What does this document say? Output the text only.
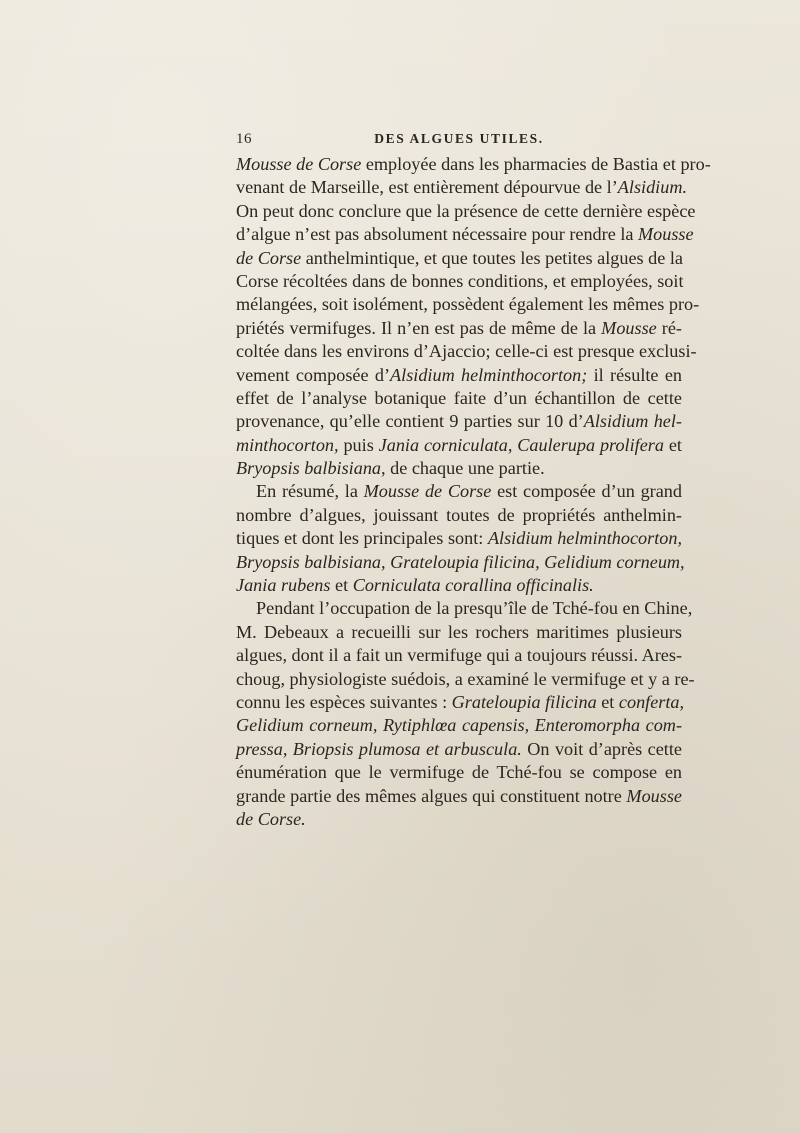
16	DES ALGUES UTILES.
Mousse de Corse employée dans les pharmacies de Bastia et pro-
venant de Marseille, est entièrement dépourvue de l’Alsidium.
On peut donc conclure que la présence de cette dernière espèce
d’algue n’est pas absolument nécessaire pour rendre la Mousse
de Corse anthelmintique, et que toutes les petites algues de la
Corse récoltées dans de bonnes conditions, et employées, soit
mélangées, soit isolément, possèdent également les mêmes pro-
priétés vermifuges. Il n’en est pas de même de la Mousse ré-
coltée dans les environs d’Ajaccio; celle-ci est presque exclusi-
vement composée d’Alsidium helminthocorton; il résulte en
effet de l’analyse botanique faite d’un échantillon de cette
provenance, qu’elle contient 9 parties sur 10 d’Alsidium hel-
minthocorton, puis Jania corniculata, Caulerupa prolifera et
Bryopsis balbisiana, de chaque une partie.
En résumé, la Mousse de Corse est composée d’un grand
nombre d’algues, jouissant toutes de propriétés anthelmin-
tiques et dont les principales sont: Alsidium helminthocorton,
Bryopsis balbisiana, Grateloupia filicina, Gelidium corneum,
Jania rubens et Corniculata corallina officinalis.
Pendant l’occupation de la presqu’île de Tché-fou en Chine,
M. Debeaux a recueilli sur les rochers maritimes plusieurs
algues, dont il a fait un vermifuge qui a toujours réussi. Ares-
choug, physiologiste suédois, a examiné le vermifuge et y a re-
connu les espèces suivantes : Grateloupia filicina et conferta,
Gelidium corneum, Rytiphlœa capensis, Enteromorpha com-
pressa, Briopsis plumosa et arbuscula. On voit d’après cette
énumération que le vermifuge de Tché-fou se compose en
grande partie des mêmes algues qui constituent notre Mousse
de Corse.
